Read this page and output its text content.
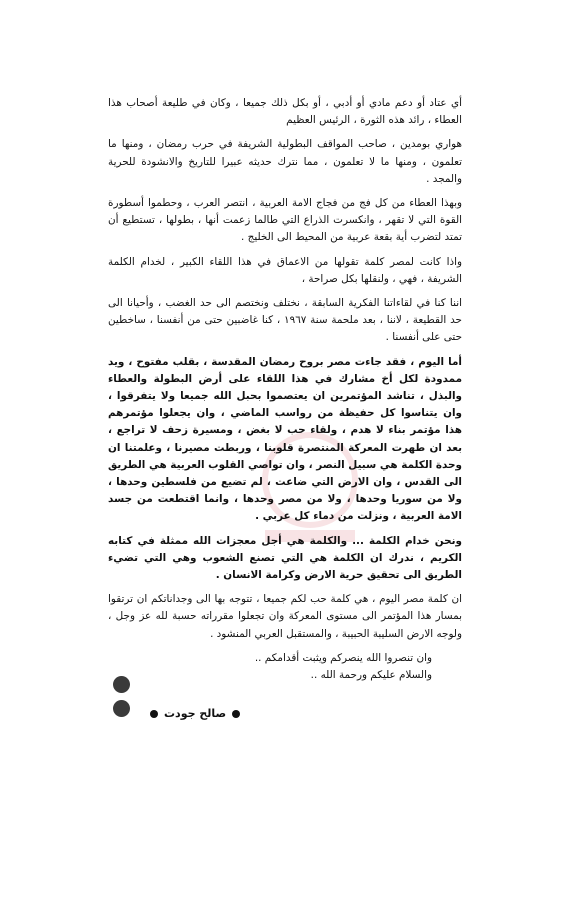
أي عتاد أو دعم مادي أو أدبي ، أو بكل ذلك جميعا ، وكان في طليعة أصحاب هذا العطاء ، رائد هذه الثورة ، الرئيس العظيم

هواري بومدين ، صاحب المواقف البطولية الشريفة في حرب رمضان ، ومنها ما تعلمون ، ومنها ما لا تعلمون ، مما نترك حديثه عبيرا للتاريخ والانشودة للحرية والمجد .

وبهذا العطاء من كل فج من فجاج الامة العربية ، انتصر العرب ، وحطموا أسطورة القوة التي لا تقهر ، وانكسرت الذراع التي طالما زعمت أنها ، بطولها ، تستطيع أن تمتد لتضرب أية بقعة عربية من المحيط الى الخليج .

واذا كانت لمصر كلمة تقولها من الاعماق في هذا اللقاء الكبير ، لخدام الكلمة الشريفة ، فهي ، ولنقلها بكل صراحة ،

اننا كنا في لقاءاتنا الفكرية السابقة ، نختلف ونختصم الى حد الغضب ، وأحيانا الى حد القطيعة ، لاننا ، بعد ملحمة سنة ١٩٦٧ ، كنا غاضبين حتى من أنفسنا ، ساخطين حتى على أنفسنا .

أما اليوم ، فقد جاءت مصر بروح رمضان المقدسة ، بقلب مفتوح ، ويد ممدودة لكل أخ مشارك في هذا اللقاء على أرض البطولة والعطاء والبذل ، تناشد المؤتمرين ان يعتصموا بحبل الله جميعا ولا يتفرقوا ، وان يتناسوا كل حفيظة من رواسب الماضي ، وان يجعلوا مؤتمرهم هذا مؤتمر بناء لا هدم ، ولقاء حب لا بغض ، ومسيرة زحف لا تراجع ، بعد ان طهرت المعركة المنتصرة قلوبنا ، وربطت مصيرنا ، وعلمتنا ان وحدة الكلمة هي سبيل النصر ، وان تواصي القلوب العربية هي الطريق الى القدس ، وان الارض التي ضاعت ، لم تضيع من فلسطين وحدها ، ولا من سوريا وحدها ، ولا من مصر وحدها ، وانما اقتطعت من جسد الامة العربية ، ونزلت من دماء كل عربي .

ونحن خدام الكلمة ... والكلمة هي أجل معجزات الله ممثلة في كتابه الكريم ، ندرك ان الكلمة هي التي تصنع الشعوب وهي التي تضيء الطريق الى تحقيق حرية الارض وكرامة الانسان .

ان كلمة مصر اليوم ، هي كلمة حب لكم جميعا ، تتوجه بها الى وجداناتكم ان ترتقوا بمسار هذا المؤتمر الى مستوى المعركة وان تجعلوا مقرراته حسبة لله عز وجل ، ولوجه الارض السليبة الحبيبة ، والمستقبل العربي المنشود .

وان تنصروا الله ينصركم ويثبت أقدامكم ..

والسلام عليكم ورحمة الله ..

صالح جودت
